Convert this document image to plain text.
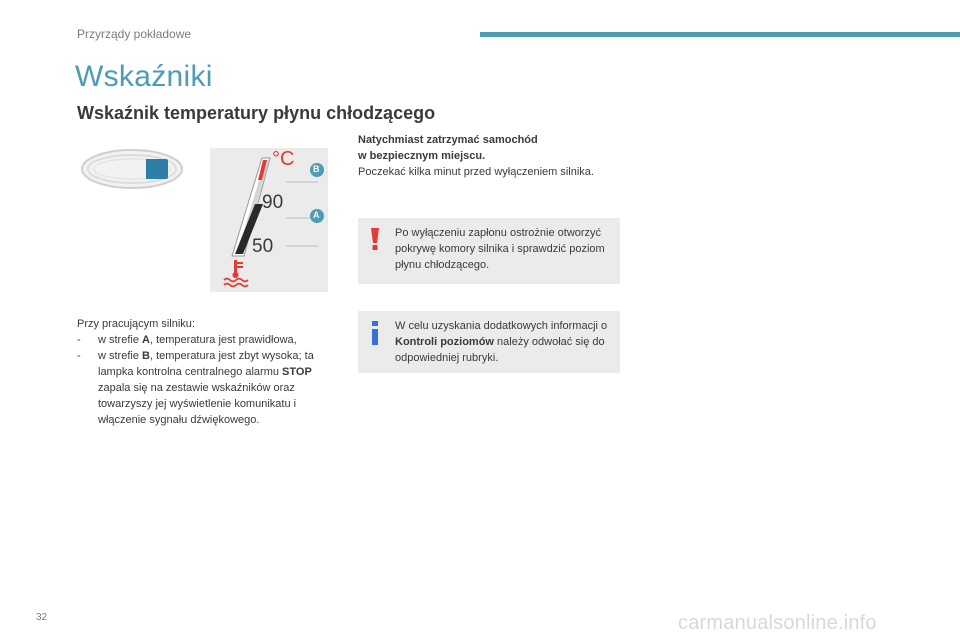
Przyrządy pokładowe
Wskaźniki
Wskaźnik temperatury płynu chłodzącego
°C B
90
A
50

Przy pracującym silniku:

- w strefie A, temperatura jest prawidłowa,
- w strefie B, temperatura jest zbyt wysoka; ta lampka kontrolna centralnego alarmu STOP zapala się na zestawie wskaźników oraz towarzyszy jej wyświetlenie komunikatu i włączenie sygnału dźwiękowego.

Natychmiast zatrzymać samochód

w bezpiecznym miejscu.

Poczekać kilka minut przed wyłączeniem silnika.

Po wyłączeniu zapłonu ostrożnie otworzyć pokrywę komory silnika i sprawdzić poziom płynu chłodzącego.

W celu uzyskania dodatkowych informacji o Kontroli poziomów należy odwołać się do odpowiedniej rubryki.

32	carmanualsonline.info
